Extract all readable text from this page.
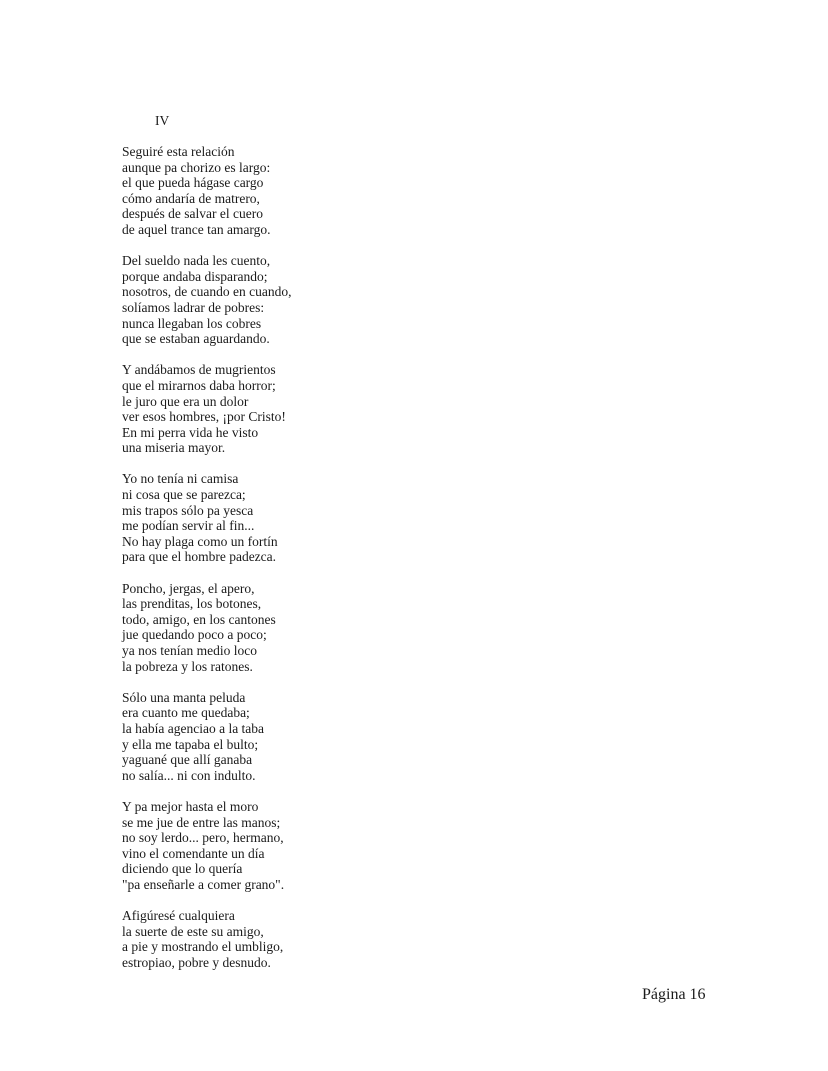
IV
Seguiré esta relación
aunque pa chorizo es largo:
el que pueda hágase cargo
cómo andaría de matrero,
después de salvar el cuero
de aquel trance tan amargo.
Del sueldo nada les cuento,
porque andaba disparando;
nosotros, de cuando en cuando,
solíamos ladrar de pobres:
nunca llegaban los cobres
que se estaban aguardando.
Y andábamos de mugrientos
que el mirarnos daba horror;
le juro que era un dolor
ver esos hombres, ¡por Cristo!
En mi perra vida he visto
una miseria mayor.
Yo no tenía ni camisa
ni cosa que se parezca;
mis trapos sólo pa yesca
me podían servir al fin...
No hay plaga como un fortín
para que el hombre padezca.
Poncho, jergas, el apero,
las prenditas, los botones,
todo, amigo, en los cantones
jue quedando poco a poco;
ya nos tenían medio loco
la pobreza y los ratones.
Sólo una manta peluda
era cuanto me quedaba;
la había agenciao a la taba
y ella me tapaba el bulto;
yaguané que allí ganaba
no salía... ni con indulto.
Y pa mejor hasta el moro
se me jue de entre las manos;
no soy lerdo... pero, hermano,
vino el comendante un día
diciendo que lo quería
"pa enseñarle a comer grano".
Afigúresé cualquiera
la suerte de este su amigo,
a pie y mostrando el umbligo,
estropiao, pobre y desnudo.
Página 16
